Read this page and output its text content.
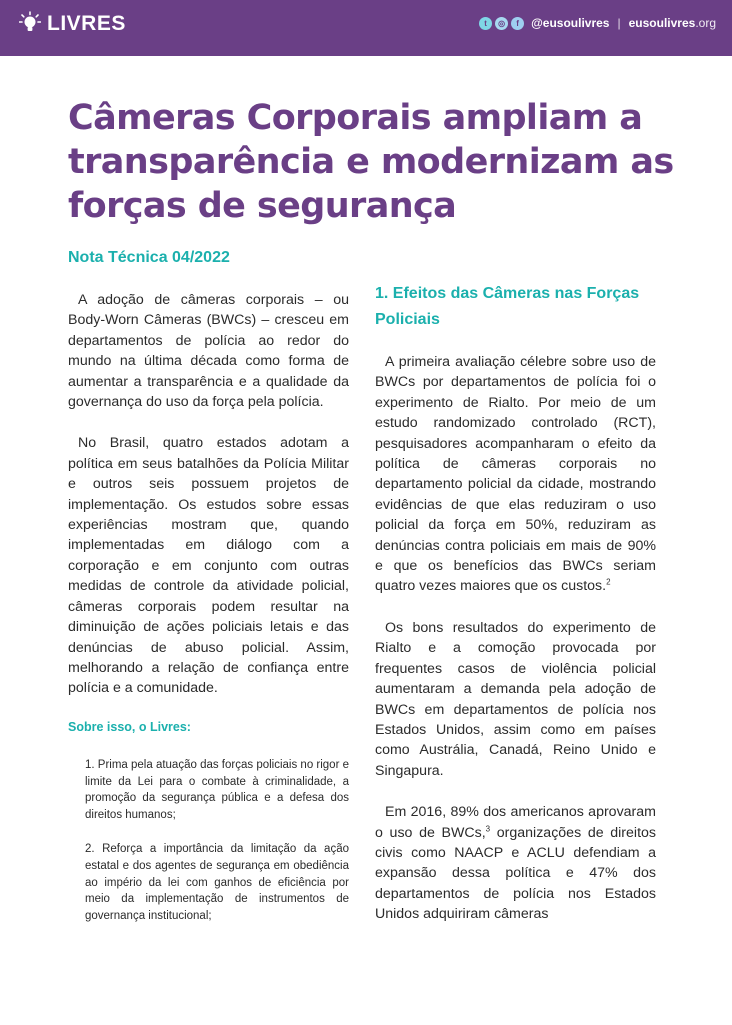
LIVRES	t	◎	f	@eusoulivres | eusoulivres.org
Câmeras Corporais ampliam a transparência e modernizam as forças de segurança
Nota Técnica 04/2022

A adoção de câmeras corporais – ou Body-Worn Câmeras (BWCs) – cresceu em departamentos de polícia ao redor do mundo na última década como forma de aumentar a transparência e a qualidade da governança do uso da força pela polícia.

No Brasil, quatro estados adotam a política em seus batalhões da Polícia Militar e outros seis possuem projetos de implementação. Os estudos sobre essas experiências mostram que, quando implementadas em diálogo com a corporação e em conjunto com outras medidas de controle da atividade policial, câmeras corporais podem resultar na diminuição de ações policiais letais e das denúncias de abuso policial. Assim, melhorando a relação de confiança entre polícia e a comunidade.

Sobre isso, o Livres:

1. Prima pela atuação das forças policiais no rigor e limite da Lei para o combate à criminalidade, a promoção da segurança pública e a defesa dos direitos humanos;
2. Reforça a importância da limitação da ação estatal e dos agentes de segurança em obediência ao império da lei com ganhos de eficiência por meio da implementação de instrumentos de governança institucional;
1. Efeitos das Câmeras nas Forças Policiais

A primeira avaliação célebre sobre uso de BWCs por departamentos de polícia foi o experimento de Rialto. Por meio de um estudo randomizado controlado (RCT), pesquisadores acompanharam o efeito da política de câmeras corporais no departamento policial da cidade, mostrando evidências de que elas reduziram o uso policial da força em 50%, reduziram as denúncias contra policiais em mais de 90% e que os benefícios das BWCs seriam quatro vezes maiores que os custos.$^2$

Os bons resultados do experimento de Rialto e a comoção provocada por frequentes casos de violência policial aumentaram a demanda pela adoção de BWCs em departamentos de polícia nos Estados Unidos, assim como em países como Austrália, Canadá, Reino Unido e Singapura.

Em 2016, 89% dos americanos aprovaram o uso de BWCs,$^3$ organizações de direitos civis como NAACP e ACLU defendiam a expansão dessa política e 47% dos departamentos de polícia nos Estados Unidos adquiriram câmeras
